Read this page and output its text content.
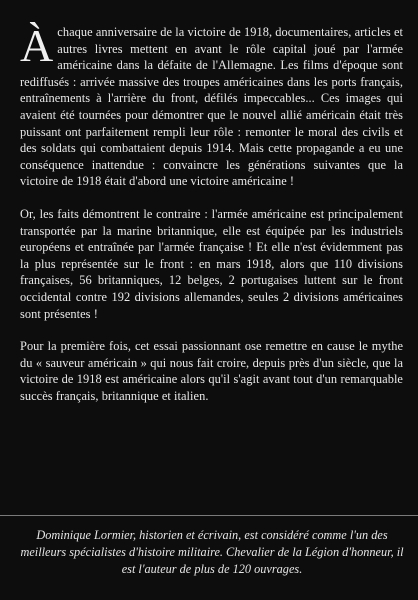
À chaque anniversaire de la victoire de 1918, documentaires, articles et autres livres mettent en avant le rôle capital joué par l'armée américaine dans la défaite de l'Allemagne. Les films d'époque sont rediffusés : arrivée massive des troupes américaines dans les ports français, entraînements à l'arrière du front, défilés impeccables... Ces images qui avaient été tournées pour démontrer que le nouvel allié américain était très puissant ont parfaitement rempli leur rôle : remonter le moral des civils et des soldats qui combattaient depuis 1914. Mais cette propagande a eu une conséquence inattendue : convaincre les générations suivantes que la victoire de 1918 était d'abord une victoire américaine !

Or, les faits démontrent le contraire : l'armée américaine est principalement transportée par la marine britannique, elle est équipée par les industriels européens et entraînée par l'armée française ! Et elle n'est évidemment pas la plus représentée sur le front : en mars 1918, alors que 110 divisions françaises, 56 britanniques, 12 belges, 2 portugaises luttent sur le front occidental contre 192 divisions allemandes, seules 2 divisions américaines sont présentes !

Pour la première fois, cet essai passionnant ose remettre en cause le mythe du « sauveur américain » qui nous fait croire, depuis près d'un siècle, que la victoire de 1918 est américaine alors qu'il s'agit avant tout d'un remarquable succès français, britannique et italien.

Dominique Lormier, historien et écrivain, est considéré comme l'un des meilleurs spécialistes d'histoire militaire. Chevalier de la Légion d'honneur, il est l'auteur de plus de 120 ouvrages.
